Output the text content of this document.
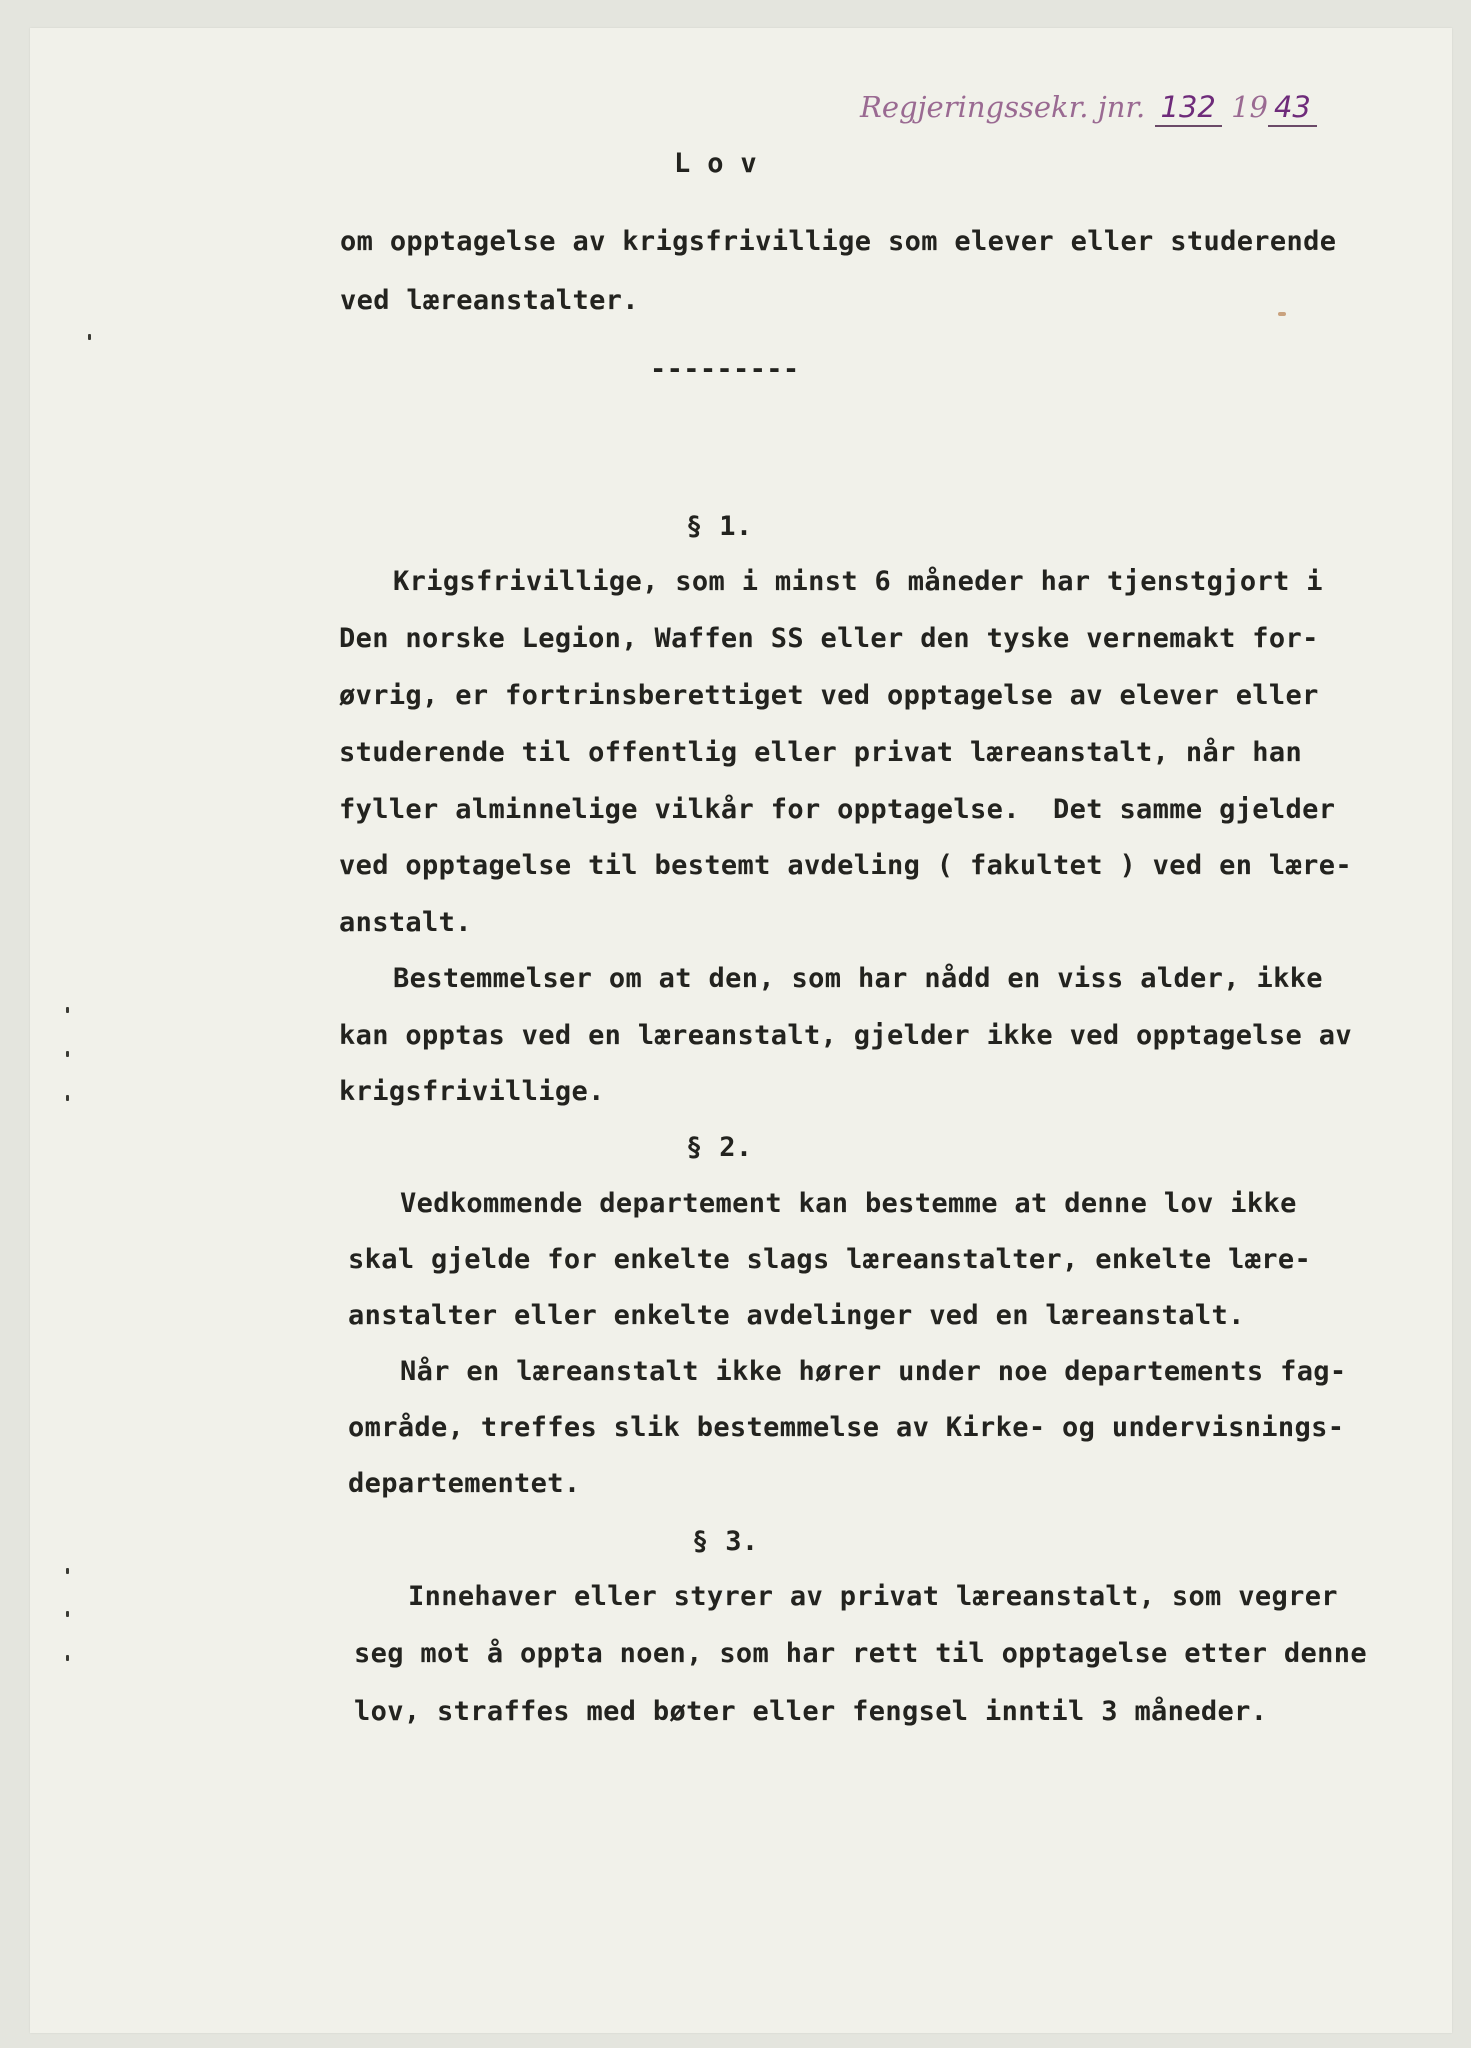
Regjeringssekr. jnr. 132 19 43
L o v
om opptagelse av krigsfrivillige som elever eller studerende
ved læreanstalter.
---------
§ 1.
Krigsfrivillige, som i minst 6 måneder har tjenstgjort i
Den norske Legion, Waffen SS eller den tyske vernemakt for-
øvrig, er fortrinsberettiget ved opptagelse av elever eller
studerende til offentlig eller privat læreanstalt, når han
fyller alminnelige vilkår for opptagelse.  Det samme gjelder
ved opptagelse til bestemt avdeling ( fakultet ) ved en lære-
anstalt.
Bestemmelser om at den, som har nådd en viss alder, ikke
kan opptas ved en læreanstalt, gjelder ikke ved opptagelse av
krigsfrivillige.
§ 2.
Vedkommende departement kan bestemme at denne lov ikke
skal gjelde for enkelte slags læreanstalter, enkelte lære-
anstalter eller enkelte avdelinger ved en læreanstalt.
Når en læreanstalt ikke hører under noe departements fag-
område, treffes slik bestemmelse av Kirke- og undervisnings-
departementet.
§ 3.
Innehaver eller styrer av privat læreanstalt, som vegrer
seg mot å oppta noen, som har rett til opptagelse etter denne
lov, straffes med bøter eller fengsel inntil 3 måneder.
